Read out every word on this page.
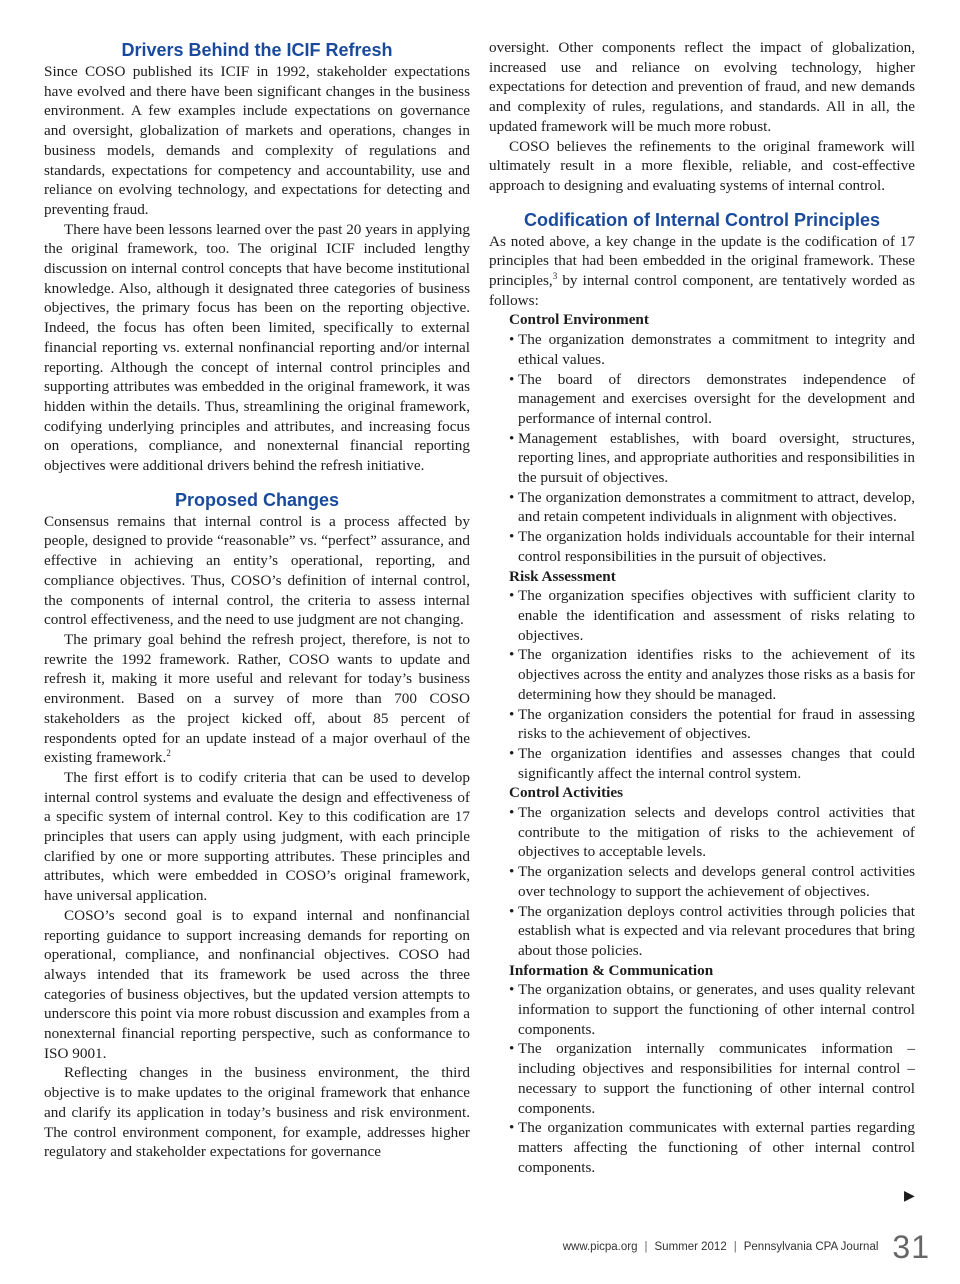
Drivers Behind the ICIF Refresh

Since COSO published its ICIF in 1992, stakeholder expectations have evolved and there have been significant changes in the business environment. A few examples include expectations on governance and oversight, globalization of markets and operations, changes in business models, demands and complexity of regulations and standards, expectations for competency and accountability, use and reliance on evolving technology, and expectations for detecting and preventing fraud.

There have been lessons learned over the past 20 years in applying the original framework, too. The original ICIF included lengthy discussion on internal control concepts that have become institutional knowledge. Also, although it designated three categories of business objectives, the primary focus has been on the reporting objective. Indeed, the focus has often been limited, specifically to external financial reporting vs. external nonfinancial reporting and/or internal reporting. Although the concept of internal control principles and supporting attributes was embedded in the original framework, it was hidden within the details. Thus, streamlining the original framework, codifying underlying principles and attributes, and increasing focus on operations, compliance, and nonexternal financial reporting objectives were additional drivers behind the refresh initiative.

Proposed Changes

Consensus remains that internal control is a process affected by people, designed to provide “reasonable” vs. “perfect” assurance, and effective in achieving an entity’s operational, reporting, and compliance objectives. Thus, COSO’s definition of internal control, the components of internal control, the criteria to assess internal control effectiveness, and the need to use judgment are not changing.

The primary goal behind the refresh project, therefore, is not to rewrite the 1992 framework. Rather, COSO wants to update and refresh it, making it more useful and relevant for today’s business environment. Based on a survey of more than 700 COSO stakeholders as the project kicked off, about 85 percent of respondents opted for an update instead of a major overhaul of the existing framework.$^2$

The first effort is to codify criteria that can be used to develop internal control systems and evaluate the design and effectiveness of a specific system of internal control. Key to this codification are 17 principles that users can apply using judgment, with each principle clarified by one or more supporting attributes. These principles and attributes, which were embedded in COSO’s original framework, have universal application.

COSO’s second goal is to expand internal and nonfinancial reporting guidance to support increasing demands for reporting on operational, compliance, and nonfinancial objectives. COSO had always intended that its framework be used across the three categories of business objectives, but the updated version attempts to underscore this point via more robust discussion and examples from a nonexternal financial reporting perspective, such as conformance to ISO 9001.

Reflecting changes in the business environment, the third objective is to make updates to the original framework that enhance and clarify its application in today’s business and risk environment. The control environment component, for example, addresses higher regulatory and stakeholder expectations for governance

oversight. Other components reflect the impact of globalization, increased use and reliance on evolving technology, higher expectations for detection and prevention of fraud, and new demands and complexity of rules, regulations, and standards. All in all, the updated framework will be much more robust.

COSO believes the refinements to the original framework will ultimately result in a more flexible, reliable, and cost-effective approach to designing and evaluating systems of internal control.

Codification of Internal Control Principles

As noted above, a key change in the update is the codification of 17 principles that had been embedded in the original framework. These principles,$^3$ by internal control component, are tentatively worded as follows:

Control Environment
• The organization demonstrates a commitment to integrity and ethical values.
• The board of directors demonstrates independence of management and exercises oversight for the development and performance of internal control.
• Management establishes, with board oversight, structures, reporting lines, and appropriate authorities and responsibilities in the pursuit of objectives.
• The organization demonstrates a commitment to attract, develop, and retain competent individuals in alignment with objectives.
• The organization holds individuals accountable for their internal control responsibilities in the pursuit of objectives.
Risk Assessment
• The organization specifies objectives with sufficient clarity to enable the identification and assessment of risks relating to objectives.
• The organization identifies risks to the achievement of its objectives across the entity and analyzes those risks as a basis for determining how they should be managed.
• The organization considers the potential for fraud in assessing risks to the achievement of objectives.
• The organization identifies and assesses changes that could significantly affect the internal control system.
Control Activities
• The organization selects and develops control activities that contribute to the mitigation of risks to the achievement of objectives to acceptable levels.
• The organization selects and develops general control activities over technology to support the achievement of objectives.
• The organization deploys control activities through policies that establish what is expected and via relevant procedures that bring about those policies.
Information & Communication
• The organization obtains, or generates, and uses quality relevant information to support the functioning of other internal control components.
• The organization internally communicates information – including objectives and responsibilities for internal control – necessary to support the functioning of other internal control components.
• The organization communicates with external parties regarding matters affecting the functioning of other internal control components.
▶
www.picpa.org | Summer 2012 | Pennsylvania CPA Journal 31
